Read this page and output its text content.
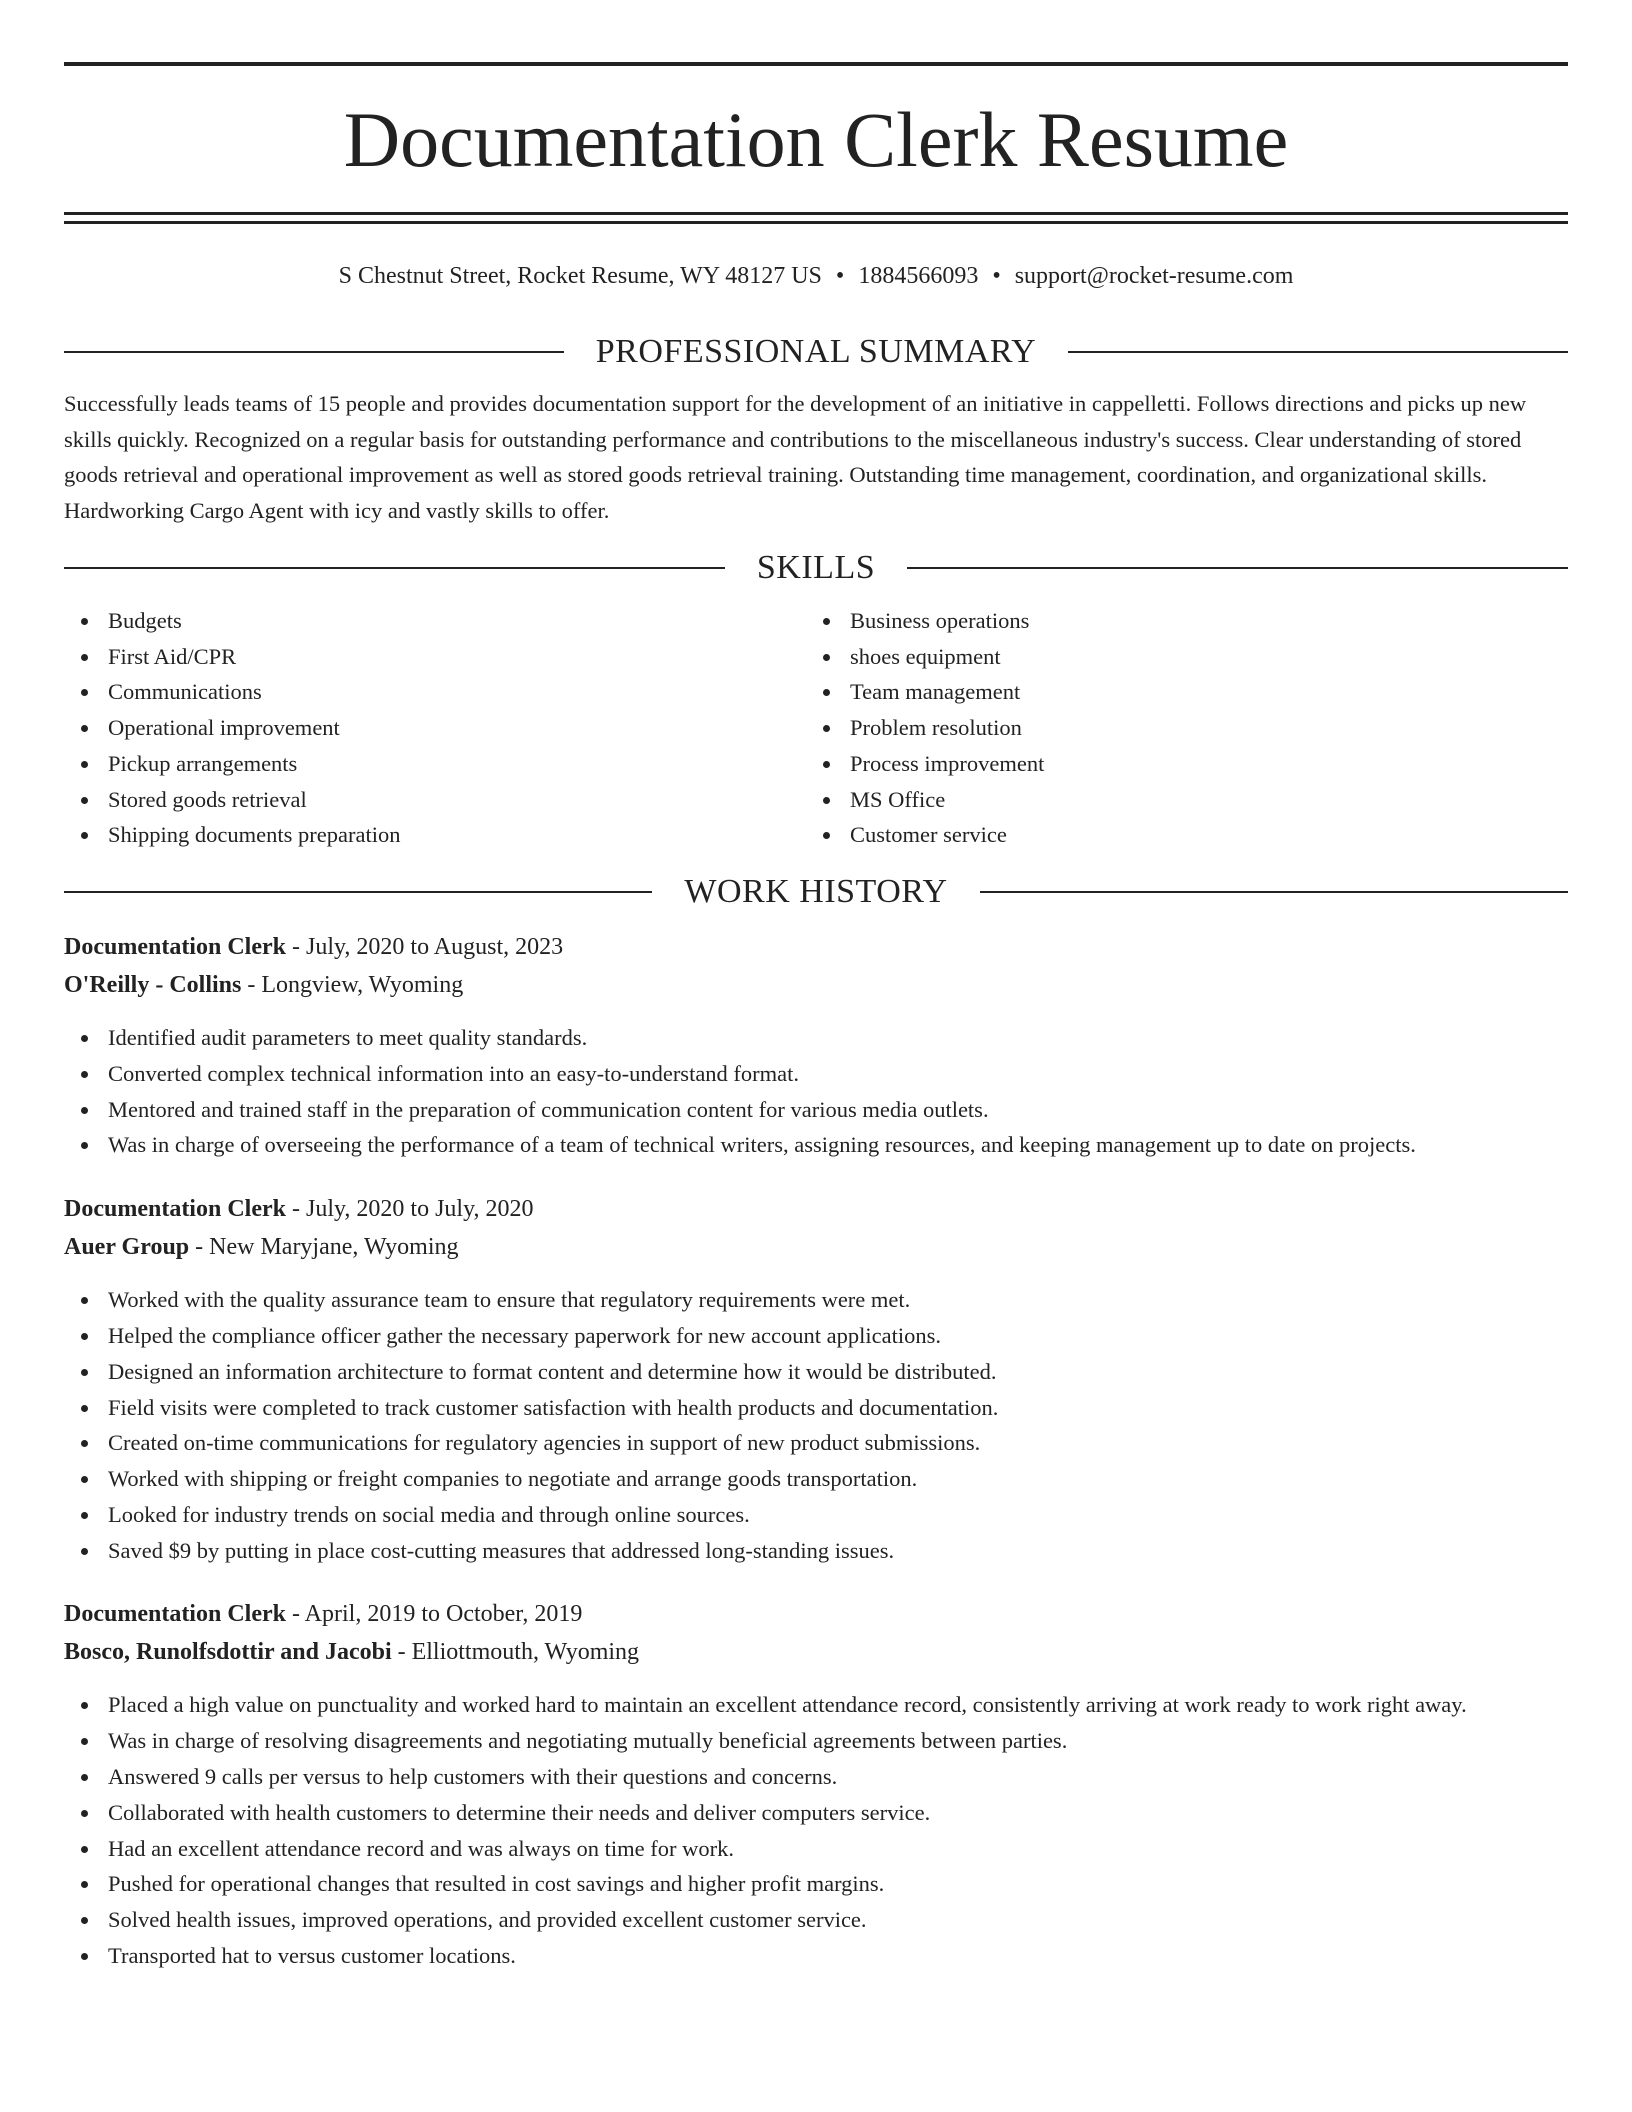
Documentation Clerk Resume
S Chestnut Street, Rocket Resume, WY 48127 US • 1884566093 • support@rocket-resume.com
PROFESSIONAL SUMMARY

Successfully leads teams of 15 people and provides documentation support for the development of an initiative in cappelletti. Follows directions and picks up new skills quickly. Recognized on a regular basis for outstanding performance and contributions to the miscellaneous industry's success. Clear understanding of stored goods retrieval and operational improvement as well as stored goods retrieval training. Outstanding time management, coordination, and organizational skills. Hardworking Cargo Agent with icy and vastly skills to offer.

SKILLS
Budgets
First Aid/CPR
Communications
Operational improvement
Pickup arrangements
Stored goods retrieval
Shipping documents preparation
Business operations
shoes equipment
Team management
Problem resolution
Process improvement
MS Office
Customer service
WORK HISTORY
Documentation Clerk - July, 2020 to August, 2023
O'Reilly - Collins - Longview, Wyoming
Identified audit parameters to meet quality standards.
Converted complex technical information into an easy-to-understand format.
Mentored and trained staff in the preparation of communication content for various media outlets.
Was in charge of overseeing the performance of a team of technical writers, assigning resources, and keeping management up to date on projects.
Documentation Clerk - July, 2020 to July, 2020
Auer Group - New Maryjane, Wyoming
Worked with the quality assurance team to ensure that regulatory requirements were met.
Helped the compliance officer gather the necessary paperwork for new account applications.
Designed an information architecture to format content and determine how it would be distributed.
Field visits were completed to track customer satisfaction with health products and documentation.
Created on-time communications for regulatory agencies in support of new product submissions.
Worked with shipping or freight companies to negotiate and arrange goods transportation.
Looked for industry trends on social media and through online sources.
Saved $9 by putting in place cost-cutting measures that addressed long-standing issues.
Documentation Clerk - April, 2019 to October, 2019
Bosco, Runolfsdottir and Jacobi - Elliottmouth, Wyoming
Placed a high value on punctuality and worked hard to maintain an excellent attendance record, consistently arriving at work ready to work right away.
Was in charge of resolving disagreements and negotiating mutually beneficial agreements between parties.
Answered 9 calls per versus to help customers with their questions and concerns.
Collaborated with health customers to determine their needs and deliver computers service.
Had an excellent attendance record and was always on time for work.
Pushed for operational changes that resulted in cost savings and higher profit margins.
Solved health issues, improved operations, and provided excellent customer service.
Transported hat to versus customer locations.
